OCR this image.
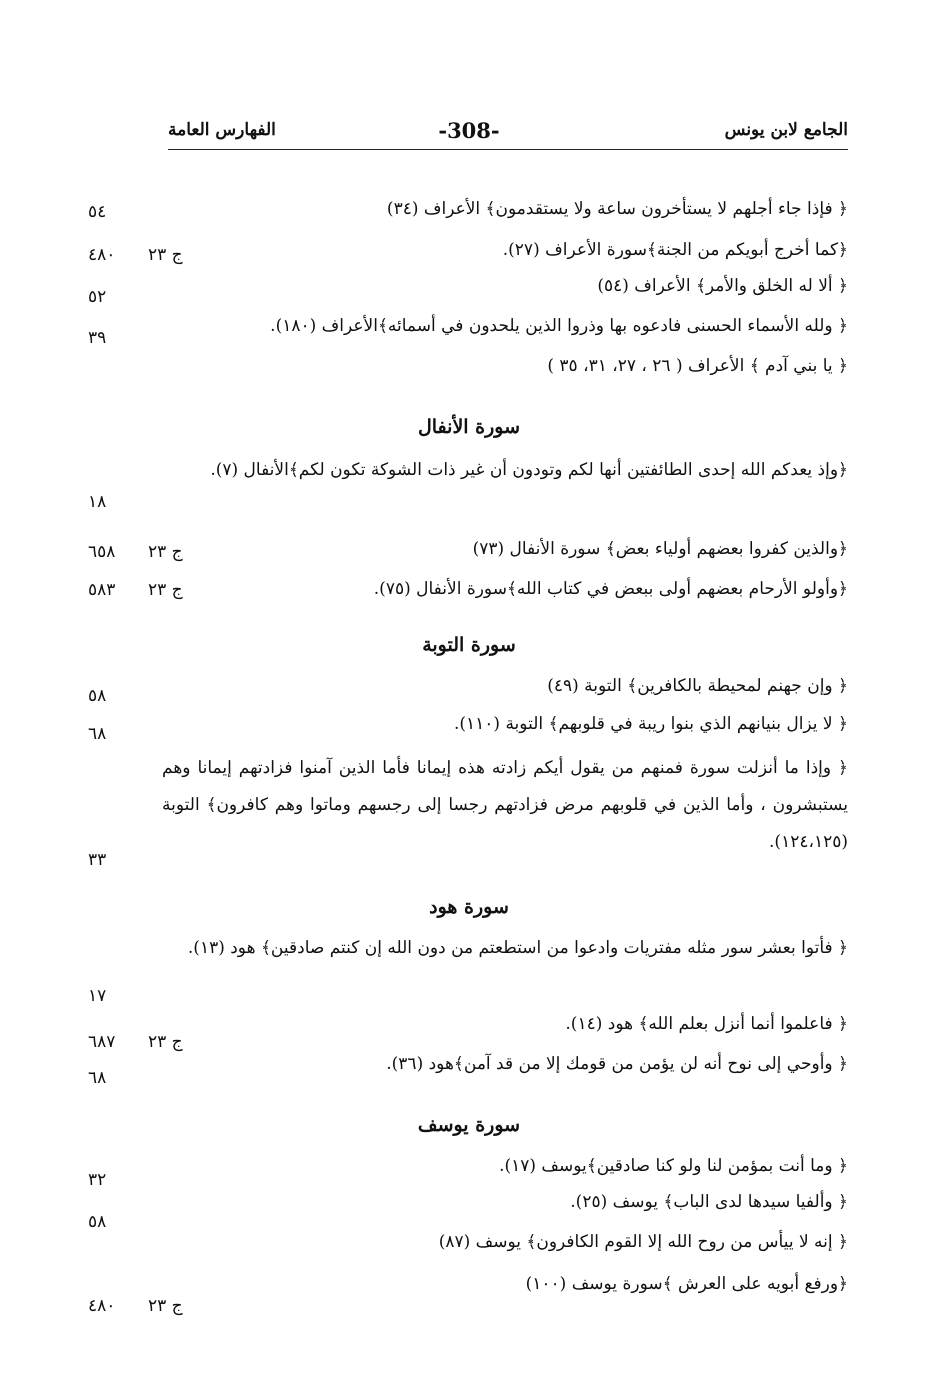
الجامع لابن يونس
-308-
الفهارس العامة
﴿ فإذا جاء أجلهم لا يستأخرون ساعة ولا يستقدمون﴾ الأعراف (٣٤)
٥٤
﴿كما أخرج أبويكم من الجنة﴾سورة الأعراف (٢٧).
ج ٢٣
٤٨٠
﴿ ألا له الخلق والأمر﴾ الأعراف (٥٤)
٥٢
﴿ ولله الأسماء الحسنى فادعوه بها وذروا الذين يلحدون في أسمائه﴾الأعراف (١٨٠).
٣٩
﴿ يا بني آدم ﴾ الأعراف ( ٢٦ ، ٢٧، ٣١، ٣٥ )
سورة الأنفال
﴿وإذ يعدكم الله إحدى الطائفتين أنها لكم وتودون أن غير ذات الشوكة تكون لكم﴾الأنفال (٧).
١٨
﴿والذين كفروا بعضهم أولياء بعض﴾ سورة الأنفال (٧٣)
ج ٢٣
٦٥٨
﴿وأولو الأرحام بعضهم أولى ببعض في كتاب الله﴾سورة الأنفال (٧٥).
ج ٢٣
٥٨٣
سورة التوبة
﴿ وإن جهنم لمحيطة بالكافرين﴾ التوبة (٤٩)
٥٨
﴿ لا يزال بنيانهم الذي بنوا ريبة في قلوبهم﴾ التوبة (١١٠).
٦٨
﴿ وإذا ما أنزلت سورة فمنهم من يقول أيكم زادته هذه إيمانا فأما الذين آمنوا فزادتهم إيمانا وهم يستبشرون ، وأما الذين في قلوبهم مرض فزادتهم رجسا إلى رجسهم وماتوا وهم كافرون﴾ التوبة (١٢٤،١٢٥).
٣٣
سورة هود
﴿ فأتوا بعشر سور مثله مفتريات وادعوا من استطعتم من دون الله إن كنتم صادقين﴾ هود (١٣).
١٧
﴿ فاعلموا أنما أنزل بعلم الله﴾ هود (١٤).
ج ٢٣
٦٨٧
﴿ وأوحي إلى نوح أنه لن يؤمن من قومك إلا من قد آمن﴾هود (٣٦).
٦٨
سورة يوسف
﴿ وما أنت بمؤمن لنا ولو كنا صادقين﴾يوسف (١٧).
٣٢
﴿ وألفيا سيدها لدى الباب﴾ يوسف (٢٥).
٥٨
﴿ إنه لا ييأس من روح الله إلا القوم الكافرون﴾ يوسف (٨٧)
﴿ورفع أبويه على العرش ﴾سورة يوسف (١٠٠)
ج ٢٣
٤٨٠
